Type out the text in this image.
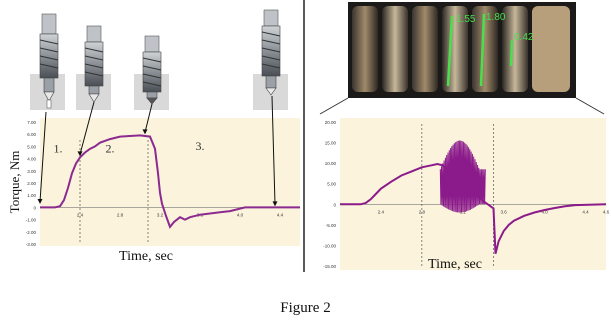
Torque, Nm
7.00
6.00
5.00
4.00
3.00
2.00
1.00
0
-1.00
-2.00
-3.00
2.4	2.8	3.2	3.6	4.0	4.4
1.	2.	3.
Time, sec
1.55 1.80
0.42
20.00
15.00
10.00
5.00
0
-5.00
-10.00
-15.00
2.4	2.8	3.2	3.6	4.0	4.4	4.6
Time, sec
Figure 2
